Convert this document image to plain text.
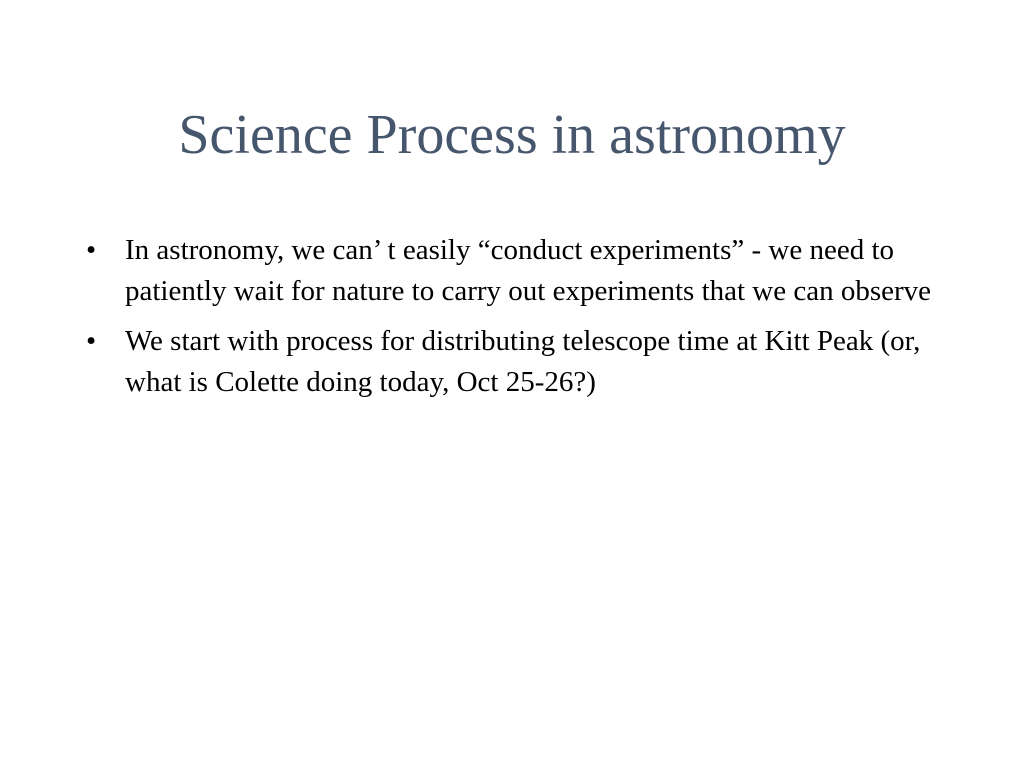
Science Process in astronomy
• In astronomy, we can’ t easily “conduct experiments” - we need to patiently wait for nature to carry out experiments that we can observe
• We start with process for distributing telescope time at Kitt Peak (or, what is Colette doing today, Oct 25-26?)
